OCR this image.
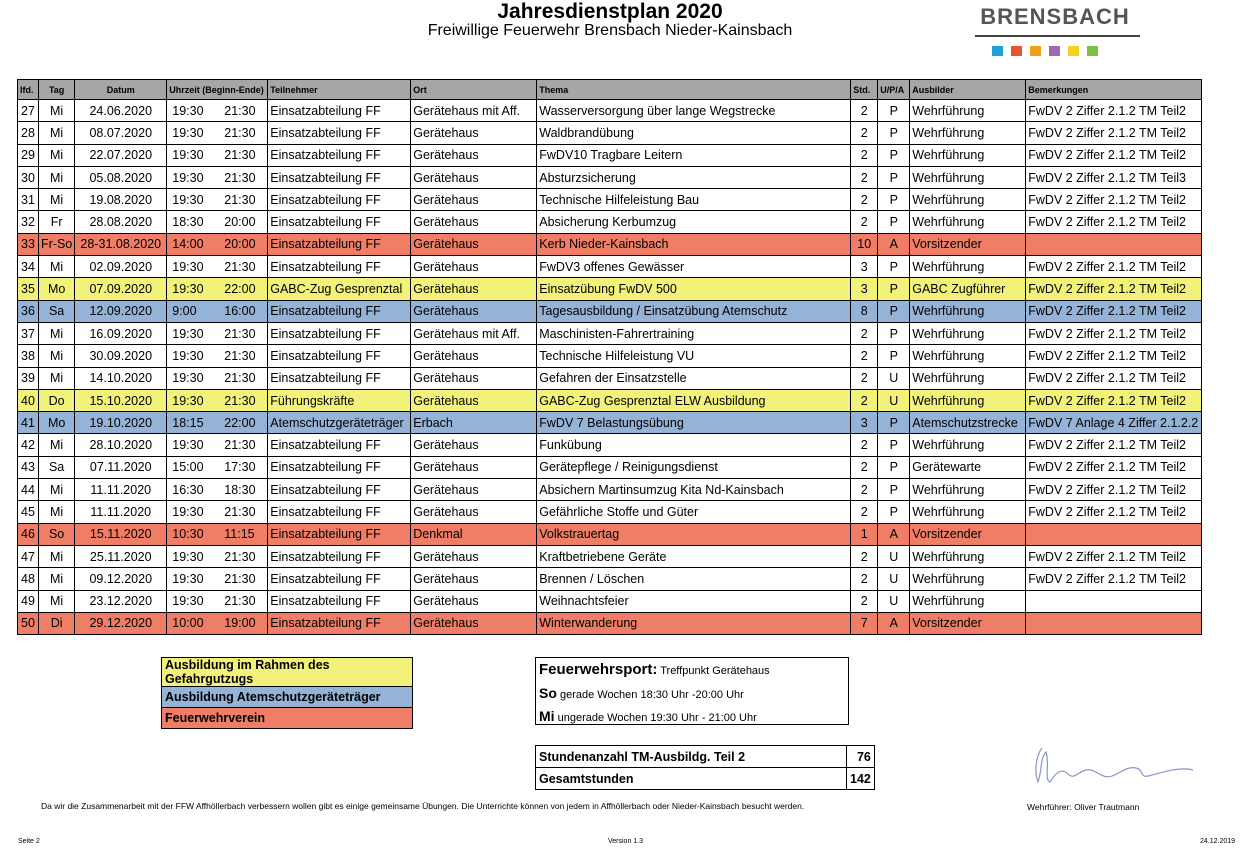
Jahresdienstplan 2020
Freiwillige Feuerwehr Brensbach Nieder-Kainsbach
BRENSBACH
lfd.	Tag	Datum	Uhrzeit (Beginn-Ende)	Teilnehmer	Ort	Thema	Std.	U/P/A	Ausbilder	Bemerkungen
27	Mi	24.06.2020	19:30 21:30	Einsatzabteilung FF	Gerätehaus mit Aff.	Wasserversorgung über lange Wegstrecke	2	P	Wehrführung	FwDV 2 Ziffer 2.1.2 TM Teil2
28	Mi	08.07.2020	19:30 21:30	Einsatzabteilung FF	Gerätehaus	Waldbrandübung	2	P	Wehrführung	FwDV 2 Ziffer 2.1.2 TM Teil2
29	Mi	22.07.2020	19:30 21:30	Einsatzabteilung FF	Gerätehaus	FwDV10 Tragbare Leitern	2	P	Wehrführung	FwDV 2 Ziffer 2.1.2 TM Teil2
30	Mi	05.08.2020	19:30 21:30	Einsatzabteilung FF	Gerätehaus	Absturzsicherung	2	P	Wehrführung	FwDV 2 Ziffer 2.1.2 TM Teil3
31	Mi	19.08.2020	19:30 21:30	Einsatzabteilung FF	Gerätehaus	Technische Hilfeleistung Bau	2	P	Wehrführung	FwDV 2 Ziffer 2.1.2 TM Teil2
32	Fr	28.08.2020	18:30 20:00	Einsatzabteilung FF	Gerätehaus	Absicherung Kerbumzug	2	P	Wehrführung	FwDV 2 Ziffer 2.1.2 TM Teil2
33	Fr-So	28-31.08.2020	14:00 20:00	Einsatzabteilung FF	Gerätehaus	Kerb Nieder-Kainsbach	10	A	Vorsitzender	
34	Mi	02.09.2020	19:30 21:30	Einsatzabteilung FF	Gerätehaus	FwDV3 offenes Gewässer	3	P	Wehrführung	FwDV 2 Ziffer 2.1.2 TM Teil2
35	Mo	07.09.2020	19:30 22:00	GABC-Zug Gesprenztal	Gerätehaus	Einsatzübung FwDV 500	3	P	GABC Zugführer	FwDV 2 Ziffer 2.1.2 TM Teil2
36	Sa	12.09.2020	9:00 16:00	Einsatzabteilung FF	Gerätehaus	Tagesausbildung / Einsatzübung Atemschutz	8	P	Wehrführung	FwDV 2 Ziffer 2.1.2 TM Teil2
37	Mi	16.09.2020	19:30 21:30	Einsatzabteilung FF	Gerätehaus mit Aff.	Maschinisten-Fahrertraining	2	P	Wehrführung	FwDV 2 Ziffer 2.1.2 TM Teil2
38	Mi	30.09.2020	19:30 21:30	Einsatzabteilung FF	Gerätehaus	Technische Hilfeleistung VU	2	P	Wehrführung	FwDV 2 Ziffer 2.1.2 TM Teil2
39	Mi	14.10.2020	19:30 21:30	Einsatzabteilung FF	Gerätehaus	Gefahren der Einsatzstelle	2	U	Wehrführung	FwDV 2 Ziffer 2.1.2 TM Teil2
40	Do	15.10.2020	19:30 21:30	Führungskräfte	Gerätehaus	GABC-Zug Gesprenztal ELW Ausbildung	2	U	Wehrführung	FwDV 2 Ziffer 2.1.2 TM Teil2
41	Mo	19.10.2020	18:15 22:00	Atemschutzgeräteträger	Erbach	FwDV 7 Belastungsübung	3	P	Atemschutzstrecke	FwDV 7 Anlage 4 Ziffer 2.1.2.2
42	Mi	28.10.2020	19:30 21:30	Einsatzabteilung FF	Gerätehaus	Funkübung	2	P	Wehrführung	FwDV 2 Ziffer 2.1.2 TM Teil2
43	Sa	07.11.2020	15:00 17:30	Einsatzabteilung FF	Gerätehaus	Gerätepflege / Reinigungsdienst	2	P	Gerätewarte	FwDV 2 Ziffer 2.1.2 TM Teil2
44	Mi	11.11.2020	16:30 18:30	Einsatzabteilung FF	Gerätehaus	Absichern Martinsumzug Kita Nd-Kainsbach	2	P	Wehrführung	FwDV 2 Ziffer 2.1.2 TM Teil2
45	Mi	11.11.2020	19:30 21:30	Einsatzabteilung FF	Gerätehaus	Gefährliche Stoffe und Güter	2	P	Wehrführung	FwDV 2 Ziffer 2.1.2 TM Teil2
46	So	15.11.2020	10:30 11:15	Einsatzabteilung FF	Denkmal	Volkstrauertag	1	A	Vorsitzender	
47	Mi	25.11.2020	19:30 21:30	Einsatzabteilung FF	Gerätehaus	Kraftbetriebene Geräte	2	U	Wehrführung	FwDV 2 Ziffer 2.1.2 TM Teil2
48	Mi	09.12.2020	19:30 21:30	Einsatzabteilung FF	Gerätehaus	Brennen / Löschen	2	U	Wehrführung	FwDV 2 Ziffer 2.1.2 TM Teil2
49	Mi	23.12.2020	19:30 21:30	Einsatzabteilung FF	Gerätehaus	Weihnachtsfeier	2	U	Wehrführung	
50	Di	29.12.2020	10:00 19:00	Einsatzabteilung FF	Gerätehaus	Winterwanderung	7	A	Vorsitzender	
Ausbildung im Rahmen des Gefahrgutzugs
Ausbildung Atemschutzgeräteträger
Feuerwehrverein
Feuerwehrsport: Treffpunkt Gerätehaus
So gerade Wochen 18:30 Uhr -20:00 Uhr
Mi ungerade Wochen 19:30 Uhr - 21:00 Uhr
Stundenanzahl TM-Ausbildg. Teil 2	76
Gesamtstunden	142
Da wir die Zusammenarbeit mit der FFW Affhöllerbach verbessern wollen gibt es einige gemeinsame Übungen. Die Unterrichte können von jedem in Affhöllerbach oder Nieder-Kainsbach besucht werden.	Wehrführer: Oliver Trautmann
Seite 2	Version 1.3	24.12.2019
